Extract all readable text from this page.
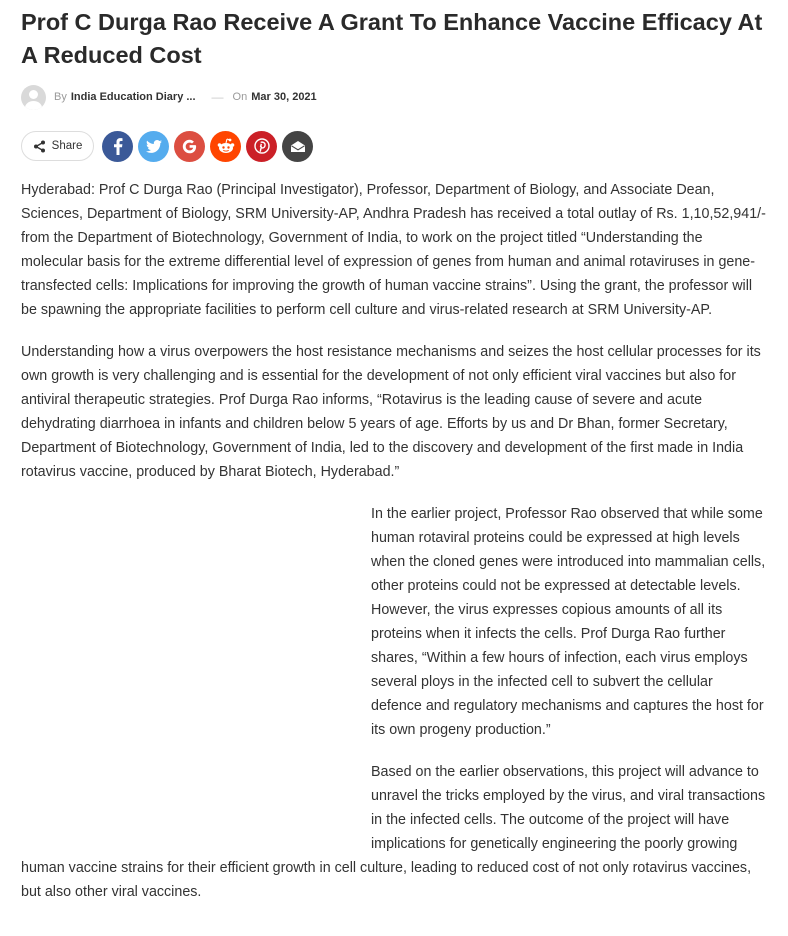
Prof C Durga Rao Receive A Grant To Enhance Vaccine Efficacy At A Reduced Cost
By India Education Diary ... — On Mar 30, 2021
Share

Hyderabad: Prof C Durga Rao (Principal Investigator), Professor, Department of Biology, and Associate Dean, Sciences, Department of Biology, SRM University-AP, Andhra Pradesh has received a total outlay of Rs. 1,10,52,941/- from the Department of Biotechnology, Government of India, to work on the project titled “Understanding the molecular basis for the extreme differential level of expression of genes from human and animal rotaviruses in gene-transfected cells: Implications for improving the growth of human vaccine strains”. Using the grant, the professor will be spawning the appropriate facilities to perform cell culture and virus-related research at SRM University-AP.

Understanding how a virus overpowers the host resistance mechanisms and seizes the host cellular processes for its own growth is very challenging and is essential for the development of not only efficient viral vaccines but also for antiviral therapeutic strategies. Prof Durga Rao informs, “Rotavirus is the leading cause of severe and acute dehydrating diarrhoea in infants and children below 5 years of age. Efforts by us and Dr Bhan, former Secretary, Department of Biotechnology, Government of India, led to the discovery and development of the first made in India rotavirus vaccine, produced by Bharat Biotech, Hyderabad.”

In the earlier project, Professor Rao observed that while some human rotaviral proteins could be expressed at high levels when the cloned genes were introduced into mammalian cells, other proteins could not be expressed at detectable levels. However, the virus expresses copious amounts of all its proteins when it infects the cells. Prof Durga Rao further shares, “Within a few hours of infection, each virus employs several ploys in the infected cell to subvert the cellular defence and regulatory mechanisms and captures the host for its own progeny production.”

Based on the earlier observations, this project will advance to unravel the tricks employed by the virus, and viral transactions in the infected cells. The outcome of the project will have implications for genetically engineering the poorly growing human vaccine strains for their efficient growth in cell culture, leading to reduced cost of not only rotavirus vaccines, but also other viral vaccines.
